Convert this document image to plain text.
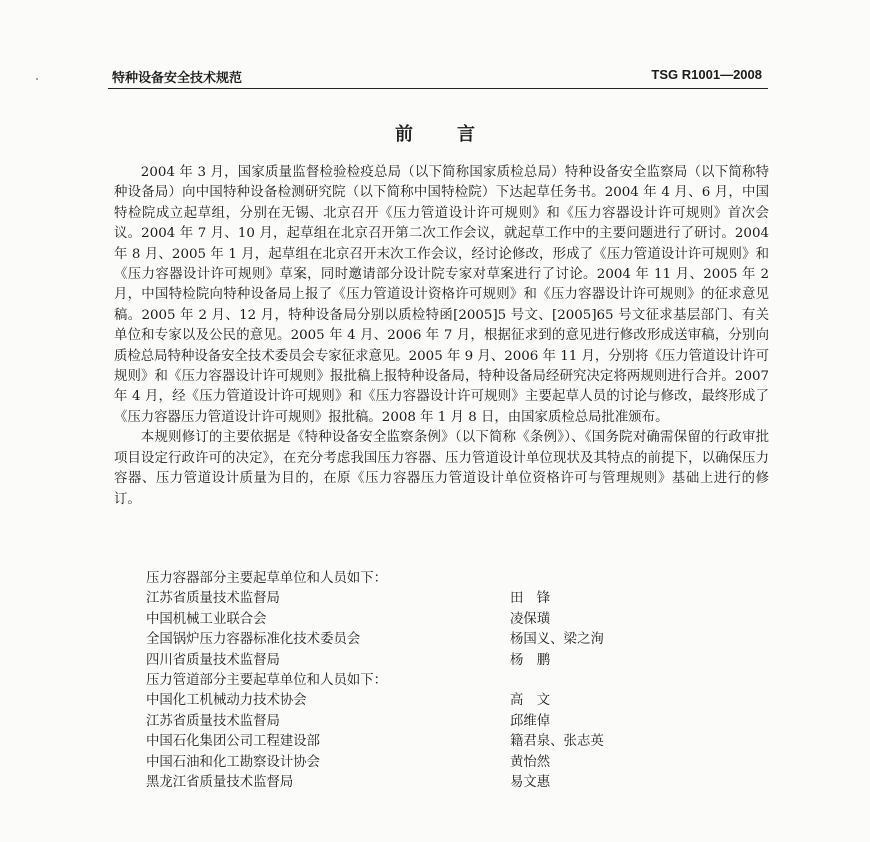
特种设备安全技术规范	TSG R1001—2008
前言

2004 年 3 月，国家质量监督检验检疫总局（以下简称国家质检总局）特种设备安全监察局（以下简称特种设备局）向中国特种设备检测研究院（以下简称中国特检院）下达起草任务书。2004 年 4 月、6 月，中国特检院成立起草组，分别在无锡、北京召开《压力管道设计许可规则》和《压力容器设计许可规则》首次会议。2004 年 7 月、10 月，起草组在北京召开第二次工作会议，就起草工作中的主要问题进行了研讨。2004 年 8 月、2005 年 1 月，起草组在北京召开末次工作会议，经讨论修改，形成了《压力管道设计许可规则》和《压力容器设计许可规则》草案，同时邀请部分设计院专家对草案进行了讨论。2004 年 11 月、2005 年 2 月，中国特检院向特种设备局上报了《压力管道设计资格许可规则》和《压力容器设计许可规则》的征求意见稿。2005 年 2 月、12 月，特种设备局分别以质检特函[2005]5 号文、[2005]65 号文征求基层部门、有关单位和专家以及公民的意见。2005 年 4 月、2006 年 7 月，根据征求到的意见进行修改形成送审稿，分别向质检总局特种设备安全技术委员会专家征求意见。2005 年 9 月、2006 年 11 月，分别将《压力管道设计许可规则》和《压力容器设计许可规则》报批稿上报特种设备局，特种设备局经研究决定将两规则进行合并。2007 年 4 月，经《压力管道设计许可规则》和《压力容器设计许可规则》主要起草人员的讨论与修改，最终形成了《压力容器压力管道设计许可规则》报批稿。2008 年 1 月 8 日，由国家质检总局批准颁布。

本规则修订的主要依据是《特种设备安全监察条例》（以下简称《条例》）、《国务院对确需保留的行政审批项目设定行政许可的决定》，在充分考虑我国压力容器、压力管道设计单位现状及其特点的前提下，以确保压力容器、压力管道设计质量为目的，在原《压力容器压力管道设计单位资格许可与管理规则》基础上进行的修订。

压力容器部分主要起草单位和人员如下：
江苏省质量技术监督局	田　锋
中国机械工业联合会	凌保璜
全国锅炉压力容器标准化技术委员会	杨国义、梁之洵
四川省质量技术监督局	杨　鹏
压力管道部分主要起草单位和人员如下：
中国化工机械动力技术协会	高　文
江苏省质量技术监督局	邱维倬
中国石化集团公司工程建设部	籍君泉、张志英
中国石油和化工勘察设计协会	黄怡然
黑龙江省质量技术监督局	易文惠
